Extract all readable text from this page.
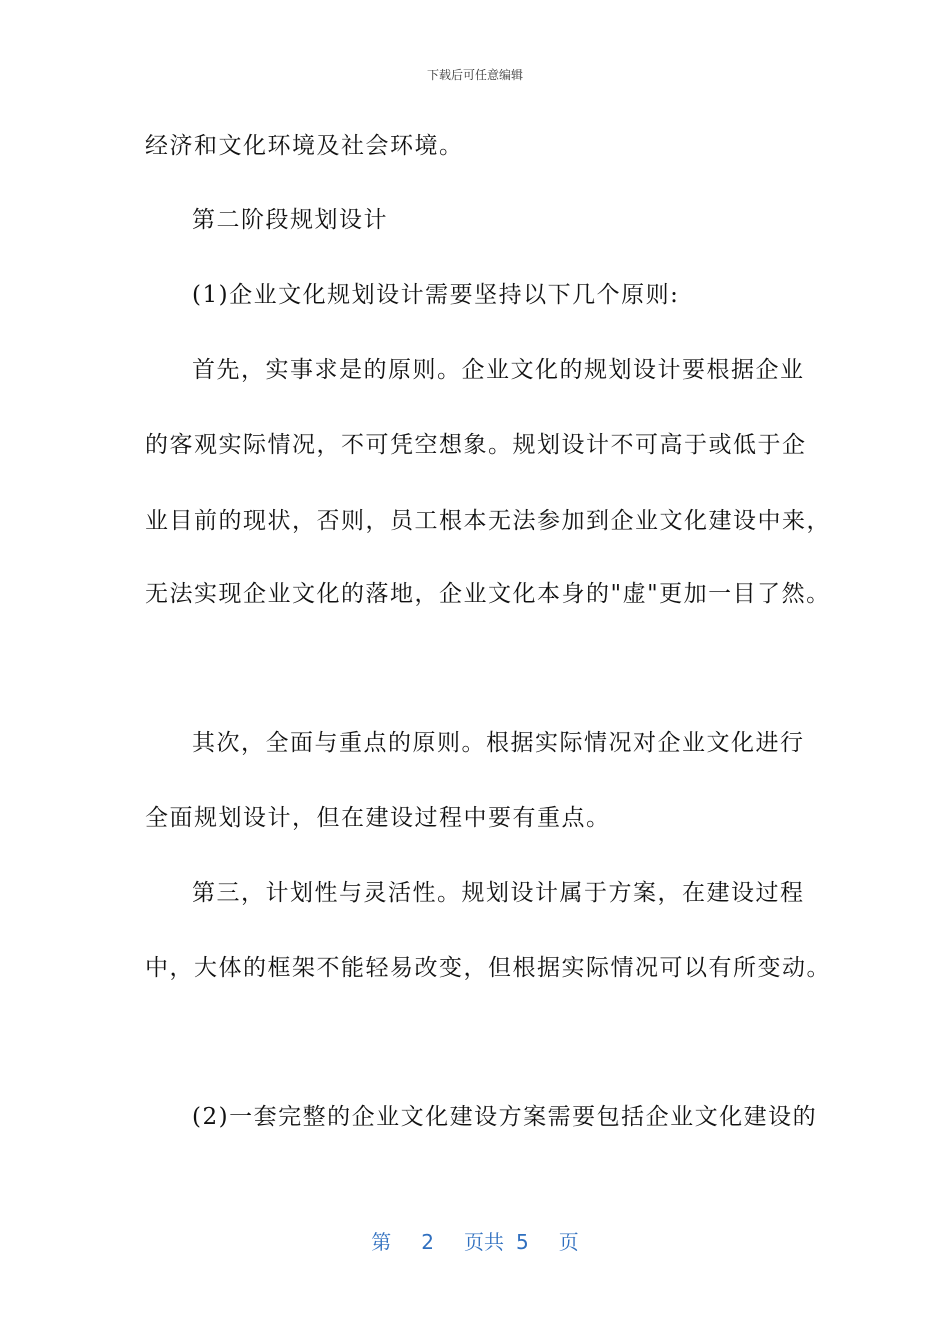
下载后可任意编辑

经济和文化环境及社会环境。

第二阶段规划设计

(1)企业文化规划设计需要坚持以下几个原则:

首先，实事求是的原则。企业文化的规划设计要根据企业

的客观实际情况，不可凭空想象。规划设计不可高于或低于企

业目前的现状，否则，员工根本无法参加到企业文化建设中来，

无法实现企业文化的落地，企业文化本身的"虚"更加一目了然。

其次，全面与重点的原则。根据实际情况对企业文化进行

全面规划设计，但在建设过程中要有重点。

第三，计划性与灵活性。规划设计属于方案，在建设过程

中，大体的框架不能轻易改变，但根据实际情况可以有所变动。

(2)一套完整的企业文化建设方案需要包括企业文化建设的

第 2 页共 5 页
